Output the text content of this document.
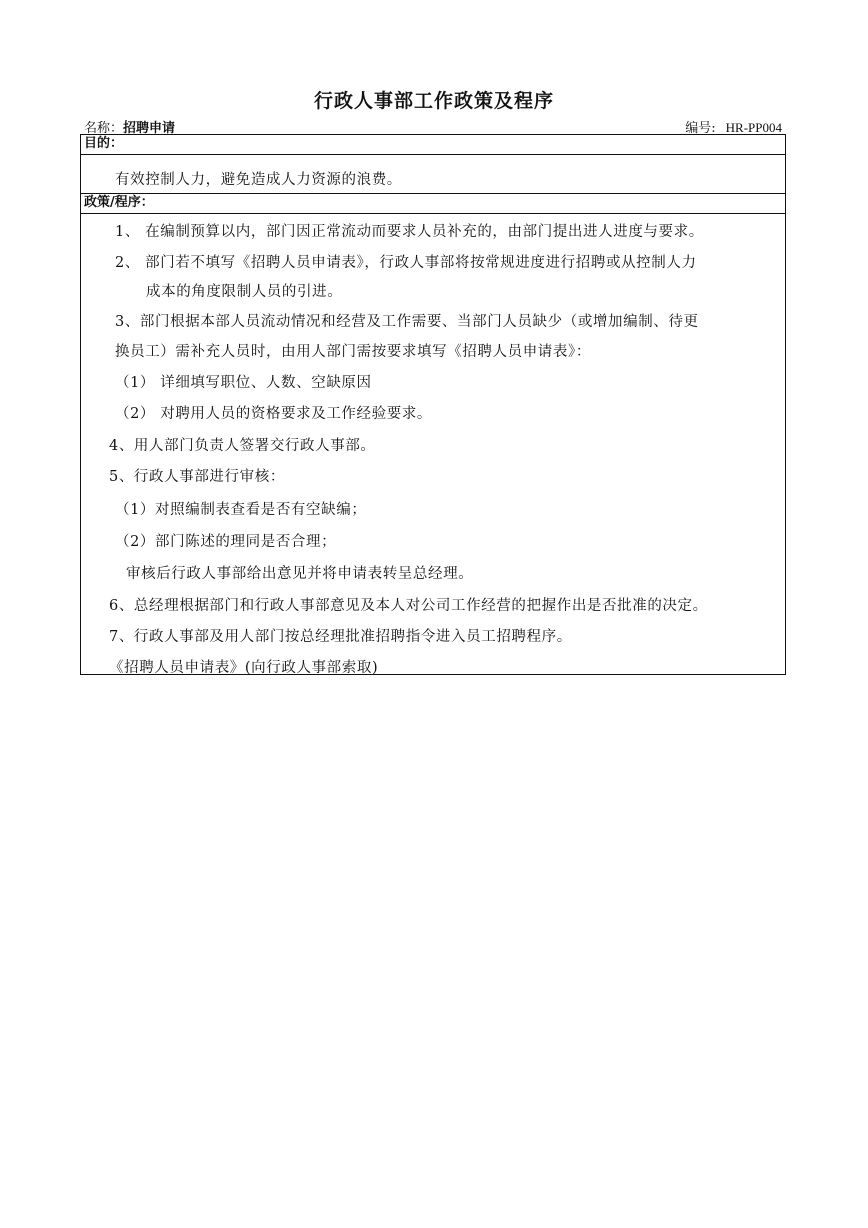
行政人事部工作政策及程序
名称：招聘申请	编号: HR-PP004
目的：
有效控制人力，避免造成人力资源的浪费。
政策/程序：
1、 在编制预算以内，部门因正常流动而要求人员补充的，由部门提出进人进度与要求。
2、 部门若不填写《招聘人员申请表》，行政人事部将按常规进度进行招聘或从控制人力
成本的角度限制人员的引进。
3、部门根据本部人员流动情况和经营及工作需要、当部门人员缺少（或增加编制、待更
换员工）需补充人员时，由用人部门需按要求填写《招聘人员申请表》：
（1） 详细填写职位、人数、空缺原因
（2） 对聘用人员的资格要求及工作经验要求。
4、用人部门负责人签署交行政人事部。
5、行政人事部进行审核：
（1）对照编制表查看是否有空缺编；
（2）部门陈述的理同是否合理；
审核后行政人事部给出意见并将申请表转呈总经理。
6、总经理根据部门和行政人事部意见及本人对公司工作经营的把握作出是否批准的决定。
7、行政人事部及用人部门按总经理批准招聘指令进入员工招聘程序。
《招聘人员申请表》(向行政人事部索取)
